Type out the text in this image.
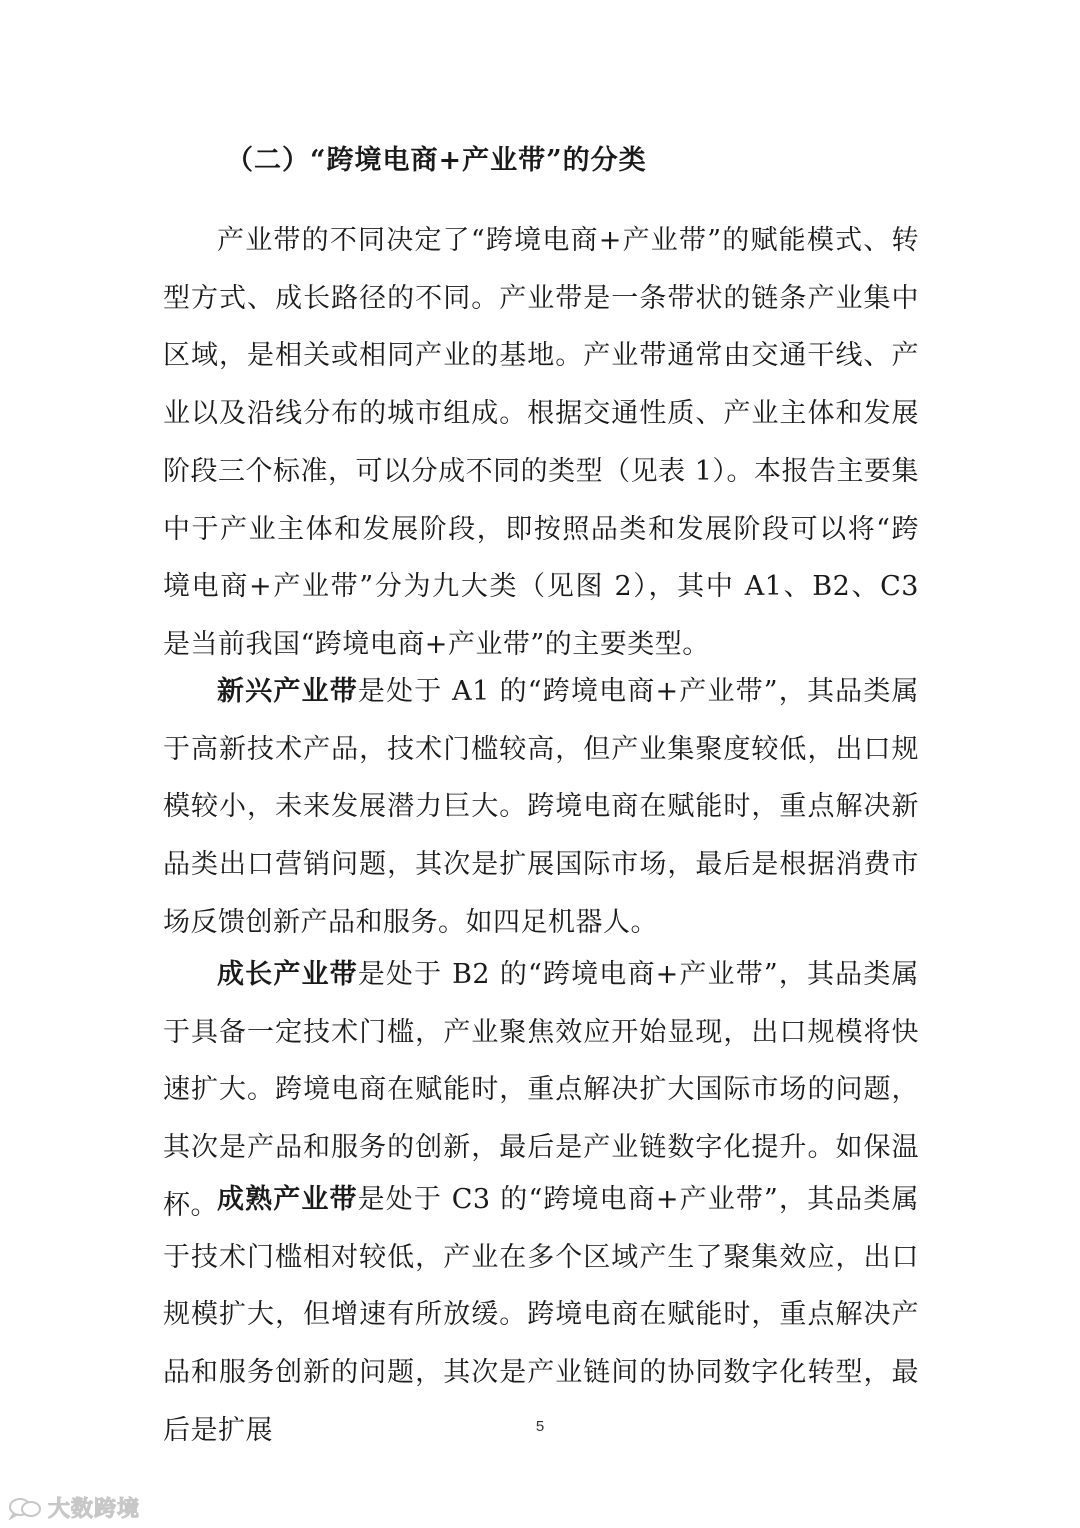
（二）“跨境电商+产业带”的分类

产业带的不同决定了“跨境电商+产业带”的赋能模式、转型方式、成长路径的不同。产业带是一条带状的链条产业集中区域，是相关或相同产业的基地。产业带通常由交通干线、产业以及沿线分布的城市组成。根据交通性质、产业主体和发展阶段三个标准，可以分成不同的类型（见表 1）。本报告主要集中于产业主体和发展阶段，即按照品类和发展阶段可以将“跨境电商+产业带”分为九大类（见图 2），其中 A1、B2、C3 是当前我国“跨境电商+产业带”的主要类型。

新兴产业带是处于 A1 的“跨境电商+产业带”，其品类属于高新技术产品，技术门槛较高，但产业集聚度较低，出口规模较小，未来发展潜力巨大。跨境电商在赋能时，重点解决新品类出口营销问题，其次是扩展国际市场，最后是根据消费市场反馈创新产品和服务。如四足机器人。

成长产业带是处于 B2 的“跨境电商+产业带”，其品类属于具备一定技术门槛，产业聚焦效应开始显现，出口规模将快速扩大。跨境电商在赋能时，重点解决扩大国际市场的问题，其次是产品和服务的创新，最后是产业链数字化提升。如保温杯。 成熟产业带是处于 C3 的“跨境电商+产业带”，其品类属于技术门槛相对较低，产业在多个区域产生了聚集效应，出口规模扩大，但增速有所放缓。跨境电商在赋能时，重点解决产品和服务创新的问题，其次是产业链间的协同数字化转型，最后是扩展	5
大数跨境
